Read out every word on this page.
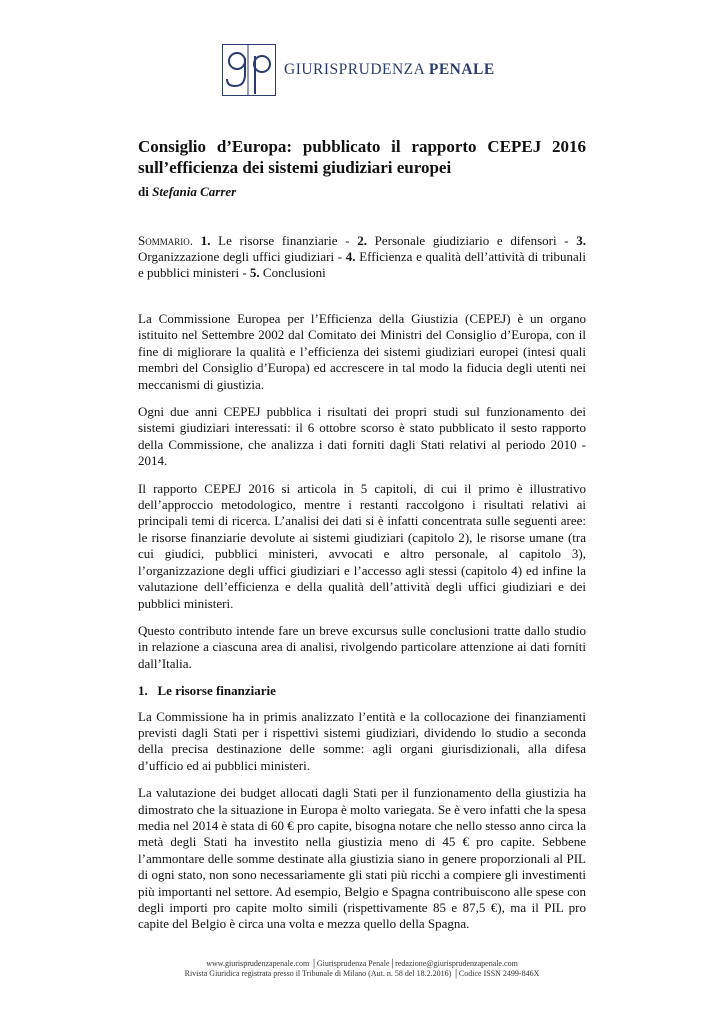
GIURISPRUDENZA PENALE
Consiglio d’Europa: pubblicato il rapporto CEPEJ 2016 sull’efficienza dei sistemi giudiziari europei
di Stefania Carrer
Sommario. 1. Le risorse finanziarie - 2. Personale giudiziario e difensori - 3. Organizzazione degli uffici giudiziari - 4. Efficienza e qualità dell’attività di tribunali e pubblici ministeri - 5. Conclusioni

La Commissione Europea per l’Efficienza della Giustizia (CEPEJ) è un organo istituito nel Settembre 2002 dal Comitato dei Ministri del Consiglio d’Europa, con il fine di migliorare la qualità e l’efficienza dei sistemi giudiziari europei (intesi quali membri del Consiglio d’Europa) ed accrescere in tal modo la fiducia degli utenti nei meccanismi di giustizia.

Ogni due anni CEPEJ pubblica i risultati dei propri studi sul funzionamento dei sistemi giudiziari interessati: il 6 ottobre scorso è stato pubblicato il sesto rapporto della Commissione, che analizza i dati forniti dagli Stati relativi al periodo 2010 - 2014.

Il rapporto CEPEJ 2016 si articola in 5 capitoli, di cui il primo è illustrativo dell’approccio metodologico, mentre i restanti raccolgono i risultati relativi ai principali temi di ricerca. L’analisi dei dati si è infatti concentrata sulle seguenti aree: le risorse finanziarie devolute ai sistemi giudiziari (capitolo 2), le risorse umane (tra cui giudici, pubblici ministeri, avvocati e altro personale, al capitolo 3), l’organizzazione degli uffici giudiziari e l’accesso agli stessi (capitolo 4) ed infine la valutazione dell’efficienza e della qualità dell’attività degli uffici giudiziari e dei pubblici ministeri.

Questo contributo intende fare un breve excursus sulle conclusioni tratte dallo studio in relazione a ciascuna area di analisi, rivolgendo particolare attenzione ai dati forniti dall’Italia.

1.   Le risorse finanziarie

La Commissione ha in primis analizzato l’entità e la collocazione dei finanziamenti previsti dagli Stati per i rispettivi sistemi giudiziari, dividendo lo studio a seconda della precisa destinazione delle somme: agli organi giurisdizionali, alla difesa d’ufficio ed ai pubblici ministeri.

La valutazione dei budget allocati dagli Stati per il funzionamento della giustizia ha dimostrato che la situazione in Europa è molto variegata. Se è vero infatti che la spesa media nel 2014 è stata di 60 € pro capite, bisogna notare che nello stesso anno circa la metà degli Stati ha investito nella giustizia meno di 45 € pro capite. Sebbene l’ammontare delle somme destinate alla giustizia siano in genere proporzionali al PIL di ogni stato, non sono necessariamente gli stati più ricchi a compiere gli investimenti più importanti nel settore. Ad esempio, Belgio e Spagna contribuiscono alle spese con degli importi pro capite molto simili (rispettivamente 85 e 87,5 €), ma il PIL pro capite del Belgio è circa una volta e mezza quello della Spagna.

www.giurisprudenzapenale.com │Giurisprudenza Penale│redazione@giurisprudenzapenale.com
Rivista Giuridica registrata presso il Tribunale di Milano (Aut. n. 58 del 18.2.2016) │Codice ISSN 2499-846X
